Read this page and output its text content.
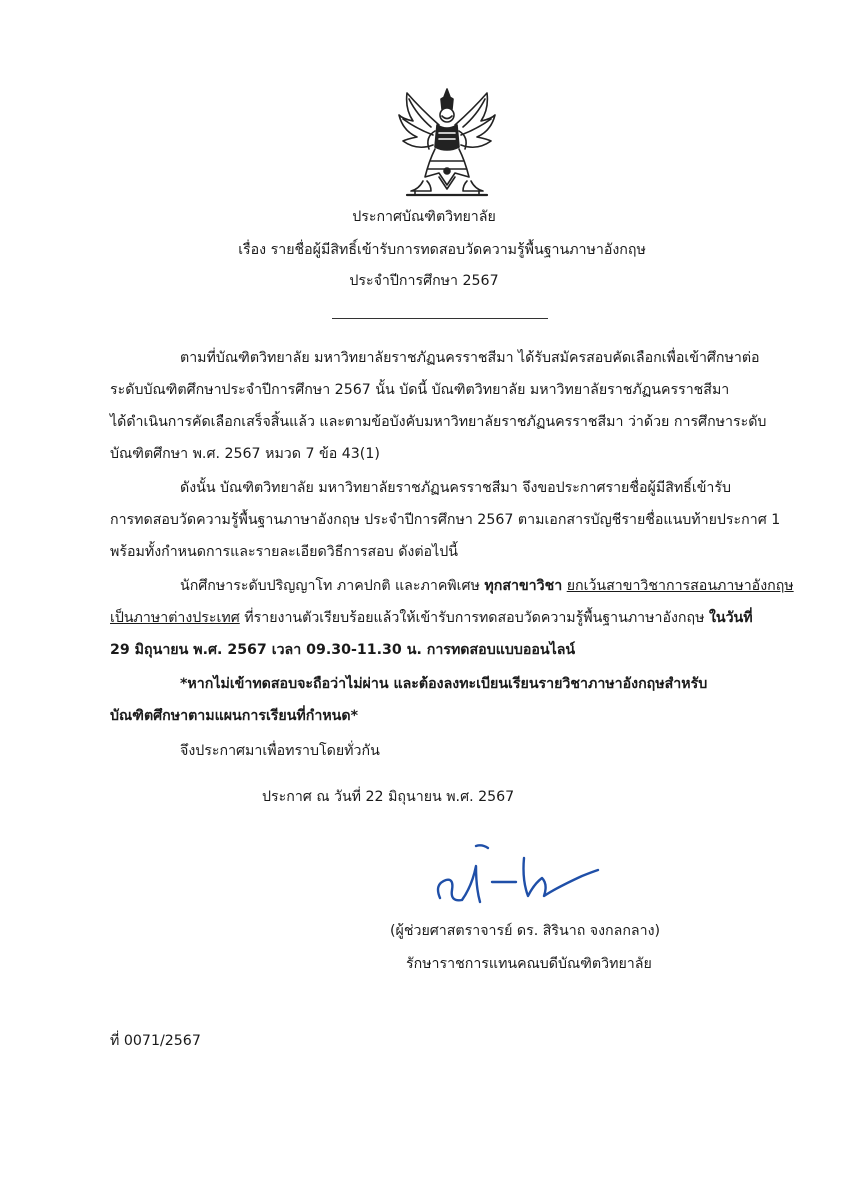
ประกาศบัณฑิตวิทยาลัย
เรื่อง รายชื่อผู้มีสิทธิ์เข้ารับการทดสอบวัดความรู้พื้นฐานภาษาอังกฤษ
ประจำปีการศึกษา 2567
ตามที่บัณฑิตวิทยาลัย มหาวิทยาลัยราชภัฏนครราชสีมา ได้รับสมัครสอบคัดเลือกเพื่อเข้าศึกษาต่อ
ระดับบัณฑิตศึกษาประจำปีการศึกษา 2567 นั้น บัดนี้ บัณฑิตวิทยาลัย มหาวิทยาลัยราชภัฏนครราชสีมา
ได้ดำเนินการคัดเลือกเสร็จสิ้นแล้ว และตามข้อบังคับมหาวิทยาลัยราชภัฏนครราชสีมา ว่าด้วย การศึกษาระดับ
บัณฑิตศึกษา พ.ศ. 2567 หมวด 7 ข้อ 43(1)
ดังนั้น บัณฑิตวิทยาลัย มหาวิทยาลัยราชภัฏนครราชสีมา จึงขอประกาศรายชื่อผู้มีสิทธิ์เข้ารับ
การทดสอบวัดความรู้พื้นฐานภาษาอังกฤษ ประจำปีการศึกษา 2567 ตามเอกสารบัญชีรายชื่อแนบท้ายประกาศ 1
พร้อมทั้งกำหนดการและรายละเอียดวิธีการสอบ ดังต่อไปนี้
นักศึกษาระดับปริญญาโท ภาคปกติ และภาคพิเศษ ทุกสาขาวิชา ยกเว้นสาขาวิชาการสอนภาษาอังกฤษ
เป็นภาษาต่างประเทศ ที่รายงานตัวเรียบร้อยแล้วให้เข้ารับการทดสอบวัดความรู้พื้นฐานภาษาอังกฤษ ในวันที่
29 มิถุนายน พ.ศ. 2567 เวลา 09.30-11.30 น. การทดสอบแบบออนไลน์
*หากไม่เข้าทดสอบจะถือว่าไม่ผ่าน และต้องลงทะเบียนเรียนรายวิชาภาษาอังกฤษสำหรับ
บัณฑิตศึกษาตามแผนการเรียนที่กำหนด*
จึงประกาศมาเพื่อทราบโดยทั่วกัน
ประกาศ ณ วันที่ 22 มิถุนายน พ.ศ. 2567
(ผู้ช่วยศาสตราจารย์ ดร. สิรินาถ จงกลกลาง)
รักษาราชการแทนคณบดีบัณฑิตวิทยาลัย
ที่ 0071/2567
